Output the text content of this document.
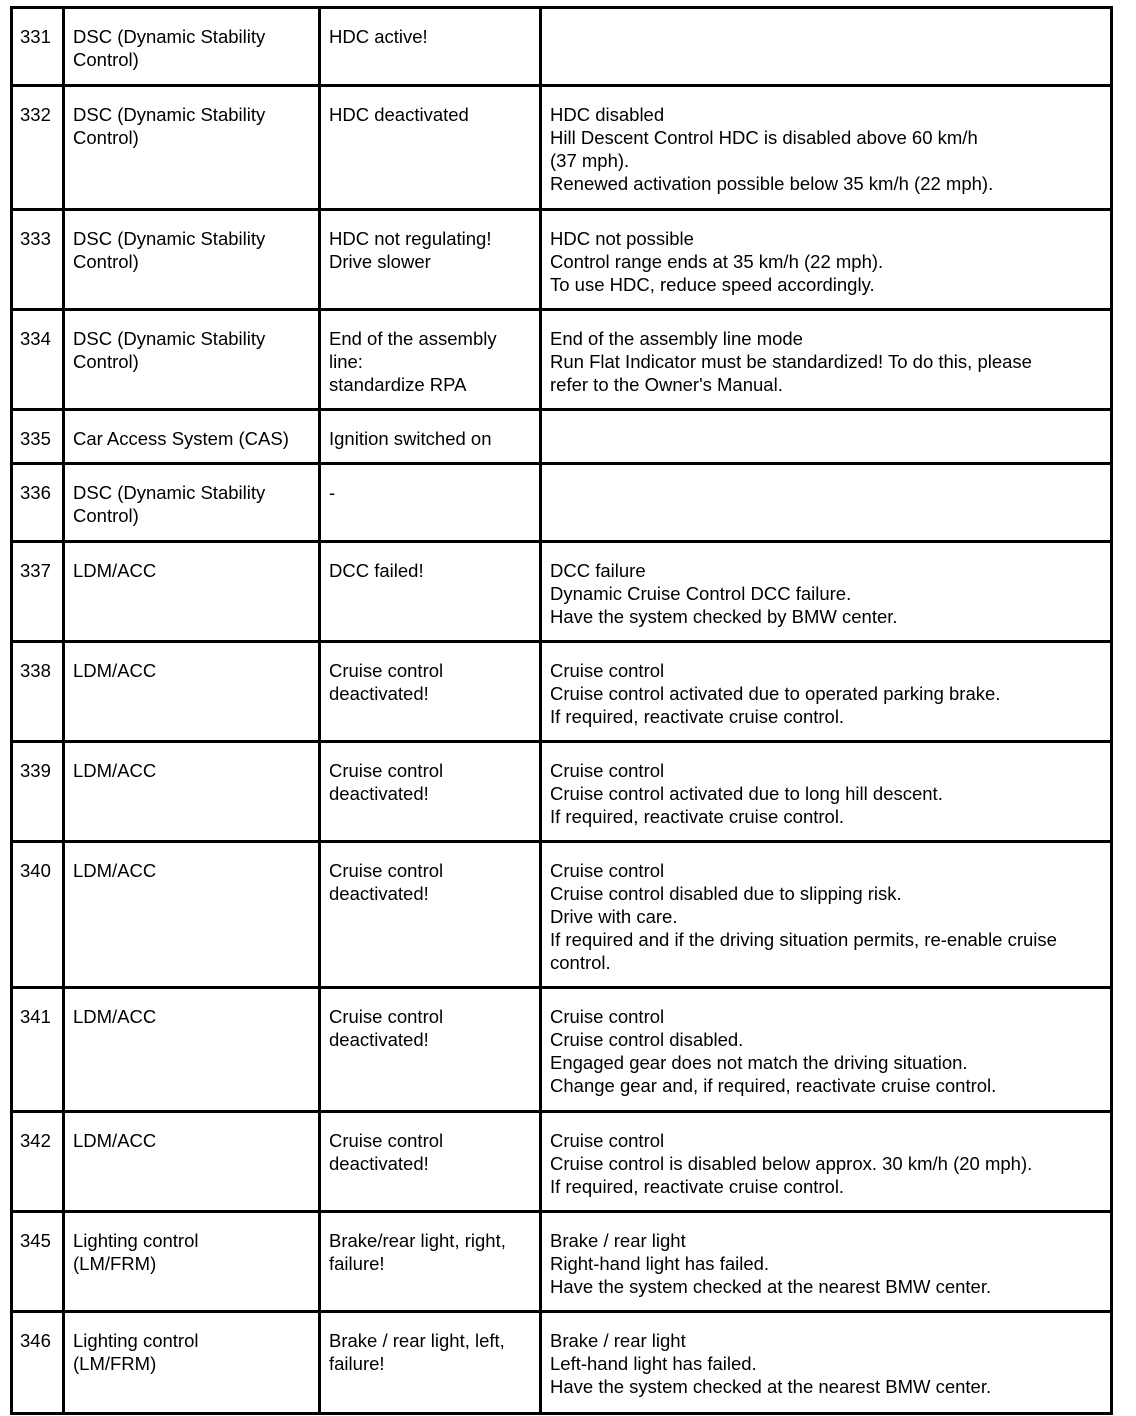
331	DSC (Dynamic Stability
Control)	HDC active!	

332	DSC (Dynamic Stability
Control)	HDC deactivated	HDC disabled
Hill Descent Control HDC is disabled above 60 km/h
(37 mph).
Renewed activation possible below 35 km/h (22 mph).

333	DSC (Dynamic Stability
Control)	HDC not regulating!
Drive slower	HDC not possible
Control range ends at 35 km/h (22 mph).
To use HDC, reduce speed accordingly.

334	DSC (Dynamic Stability
Control)	End of the assembly
line:
standardize RPA	End of the assembly line mode
Run Flat Indicator must be standardized! To do this, please
refer to the Owner's Manual.

335	Car Access System (CAS)	Ignition switched on	

336	DSC (Dynamic Stability
Control)	-	

337	LDM/ACC	DCC failed!	DCC failure
Dynamic Cruise Control DCC failure.
Have the system checked by BMW center.

338	LDM/ACC	Cruise control
deactivated!	Cruise control
Cruise control activated due to operated parking brake.
If required, reactivate cruise control.

339	LDM/ACC	Cruise control
deactivated!	Cruise control
Cruise control activated due to long hill descent.
If required, reactivate cruise control.

340	LDM/ACC	Cruise control
deactivated!	Cruise control
Cruise control disabled due to slipping risk.
Drive with care.
If required and if the driving situation permits, re-enable cruise
control.

341	LDM/ACC	Cruise control
deactivated!	Cruise control
Cruise control disabled.
Engaged gear does not match the driving situation.
Change gear and, if required, reactivate cruise control.

342	LDM/ACC	Cruise control
deactivated!	Cruise control
Cruise control is disabled below approx. 30 km/h (20 mph).
If required, reactivate cruise control.

345	Lighting control
(LM/FRM)	Brake/rear light, right,
failure!	Brake / rear light
Right-hand light has failed.
Have the system checked at the nearest BMW center.

346	Lighting control
(LM/FRM)	Brake / rear light, left,
failure!	Brake / rear light
Left-hand light has failed.
Have the system checked at the nearest BMW center.
